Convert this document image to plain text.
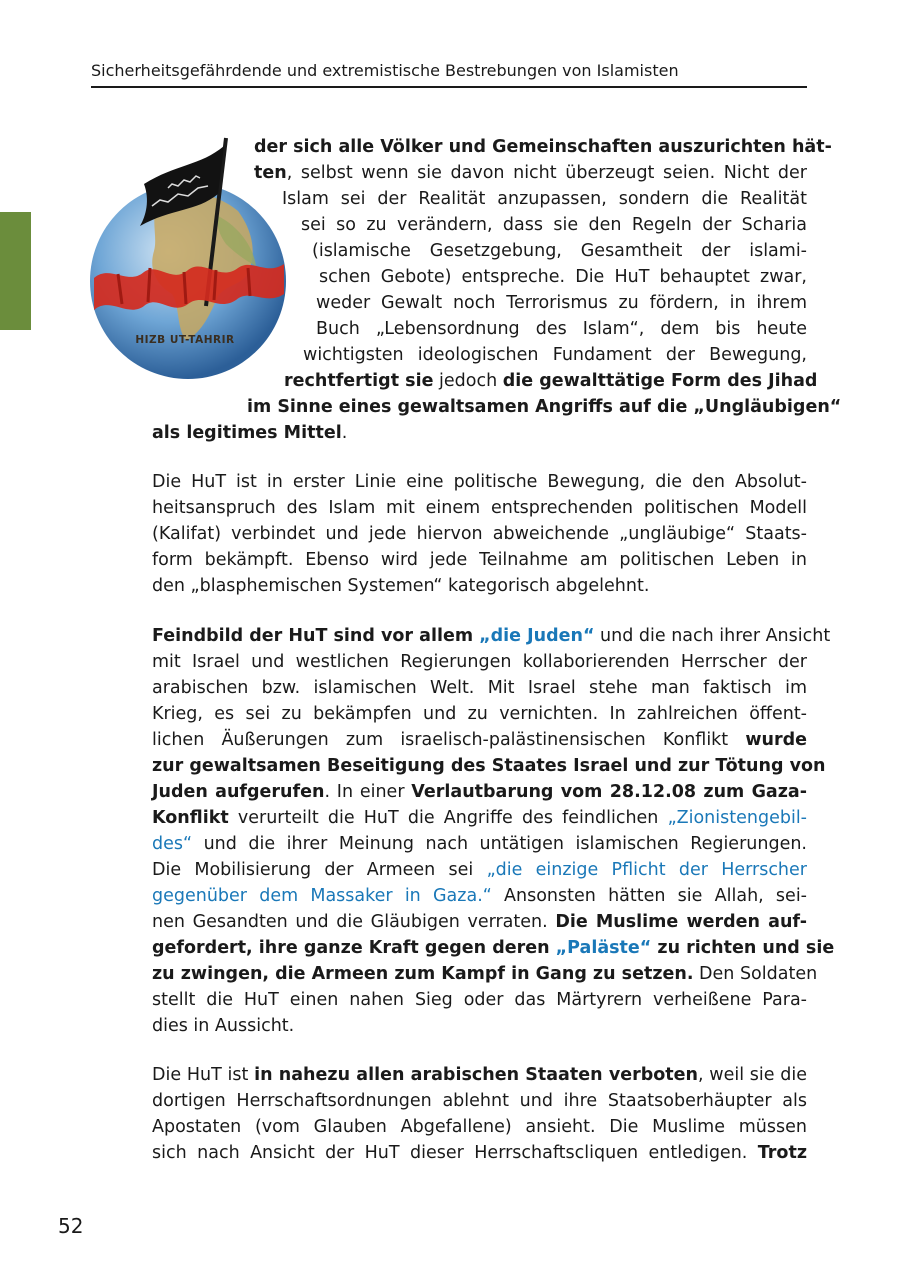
Sicherheitsgefährdende und extremistische Bestrebungen von Islamisten
HIZB UT-TAHRIR
der sich alle Völker und Gemeinschaften auszurichten hät-
ten, selbst wenn sie davon nicht überzeugt seien. Nicht der
Islam sei der Realität anzupassen, sondern die Realität
sei so zu verändern, dass sie den Regeln der Scharia
(islamische Gesetzgebung, Gesamtheit der islami-
schen Gebote) entspreche. Die HuT behauptet zwar,
weder Gewalt noch Terrorismus zu fördern, in ihrem
Buch „Lebensordnung des Islam“, dem bis heute
wichtigsten ideologischen Fundament der Bewegung,
rechtfertigt sie jedoch die gewalttätige Form des Jihad
im Sinne eines gewaltsamen Angriffs auf die „Ungläubigen“
als legitimes Mittel.
Die HuT ist in erster Linie eine politische Bewegung, die den Absolut-
heitsanspruch des Islam mit einem entsprechenden politischen Modell
(Kalifat) verbindet und jede hiervon abweichende „ungläubige“ Staats-
form bekämpft. Ebenso wird jede Teilnahme am politischen Leben in
den „blasphemischen Systemen“ kategorisch abgelehnt.
Feindbild der HuT sind vor allem „die Juden“ und die nach ihrer Ansicht
mit Israel und westlichen Regierungen kollaborierenden Herrscher der
arabischen bzw. islamischen Welt. Mit Israel stehe man faktisch im
Krieg, es sei zu bekämpfen und zu vernichten. In zahlreichen öffent-
lichen Äußerungen zum israelisch-palästinensischen Konflikt wurde
zur gewaltsamen Beseitigung des Staates Israel und zur Tötung von
Juden aufgerufen. In einer Verlautbarung vom 28.12.08 zum Gaza-
Konflikt verurteilt die HuT die Angriffe des feindlichen „Zionistengebil-
des“ und die ihrer Meinung nach untätigen islamischen Regierungen.
Die Mobilisierung der Armeen sei „die einzige Pflicht der Herrscher
gegenüber dem Massaker in Gaza.“ Ansonsten hätten sie Allah, sei-
nen Gesandten und die Gläubigen verraten. Die Muslime werden auf-
gefordert, ihre ganze Kraft gegen deren „Paläste“ zu richten und sie
zu zwingen, die Armeen zum Kampf in Gang zu setzen. Den Soldaten
stellt die HuT einen nahen Sieg oder das Märtyrern verheißene Para-
dies in Aussicht.
Die HuT ist in nahezu allen arabischen Staaten verboten, weil sie die
dortigen Herrschaftsordnungen ablehnt und ihre Staatsoberhäupter als
Apostaten (vom Glauben Abgefallene) ansieht. Die Muslime müssen
sich nach Ansicht der HuT dieser Herrschaftscliquen entledigen. Trotz
52
